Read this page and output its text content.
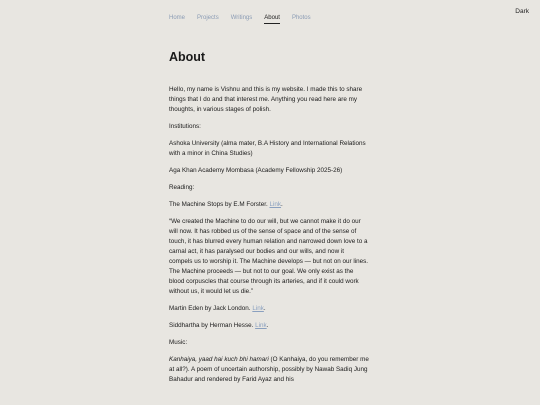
Dark
Home Projects Writings About Photos
About

Hello, my name is Vishnu and this is my website. I made this to share things that I do and that interest me. Anything you read here are my thoughts, in various stages of polish.

Institutions:

Ashoka University (alma mater, B.A History and International Relations with a minor in China Studies)

Aga Khan Academy Mombasa (Academy Fellowship 2025-26)

Reading:

The Machine Stops by E.M Forster. Link.

“We created the Machine to do our will, but we cannot make it do our will now. It has robbed us of the sense of space and of the sense of touch, it has blurred every human relation and narrowed down love to a carnal act, it has paralysed our bodies and our wills, and now it compels us to worship it. The Machine develops — but not on our lines. The Machine proceeds — but not to our goal. We only exist as the blood corpuscles that course through its arteries, and if it could work without us, it would let us die.”

Martin Eden by Jack London. Link.

Siddhartha by Herman Hesse. Link.

Music:

Kanhaiya, yaad hai kuch bhi hamari (O Kanhaiya, do you remember me at all?). A poem of uncertain authorship, possibly by Nawab Sadiq Jung Bahadur and rendered by Farid Ayaz and his
